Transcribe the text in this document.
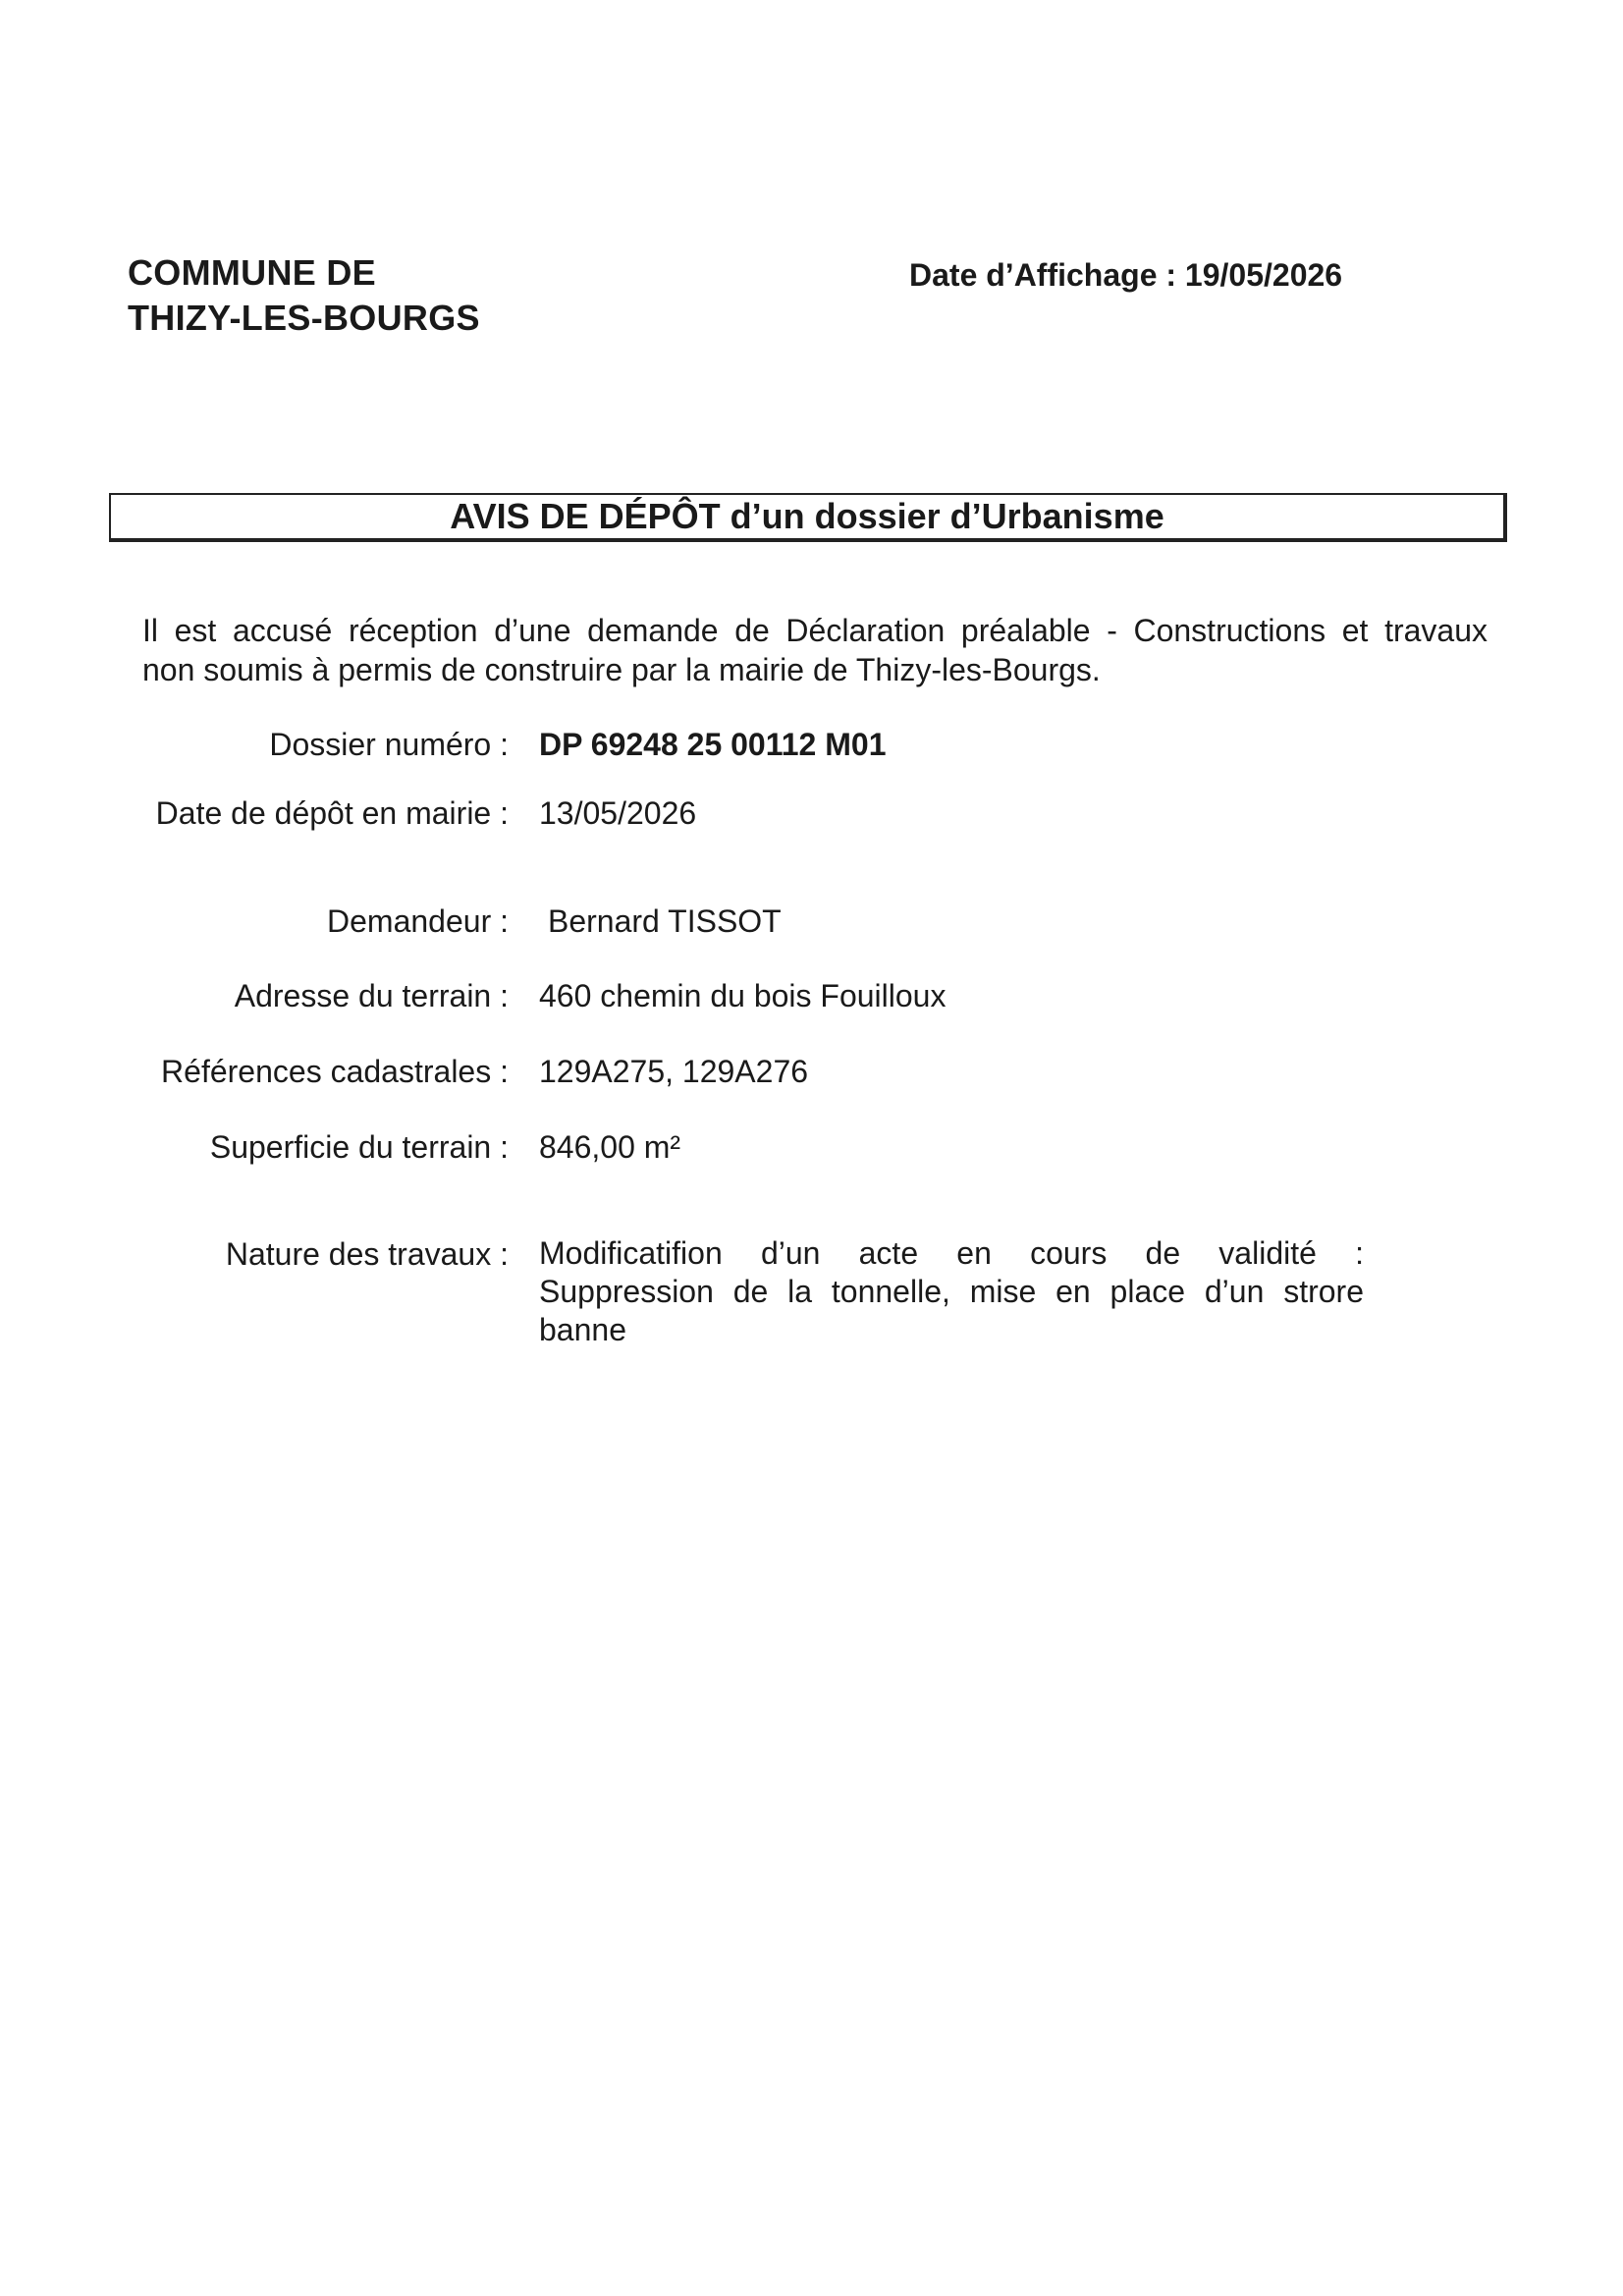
COMMUNE DE
THIZY-LES-BOURGS
Date d’Affichage : 19/05/2026
AVIS DE DÉPÔT d’un dossier d’Urbanisme
Il est accusé réception d’une demande de Déclaration préalable - Constructions et travaux
non soumis à permis de construire par la mairie de Thizy-les-Bourgs.
Dossier numéro : DP 69248 25 00112 M01
Date de dépôt en mairie : 13/05/2026
Demandeur : Bernard TISSOT
Adresse du terrain : 460 chemin du bois Fouilloux
Références cadastrales : 129A275, 129A276
Superficie du terrain : 846,00 m²
Nature des travaux : Modificatifion d’un acte en cours de validité :
Suppression de la tonnelle, mise en place d’un strore
banne
